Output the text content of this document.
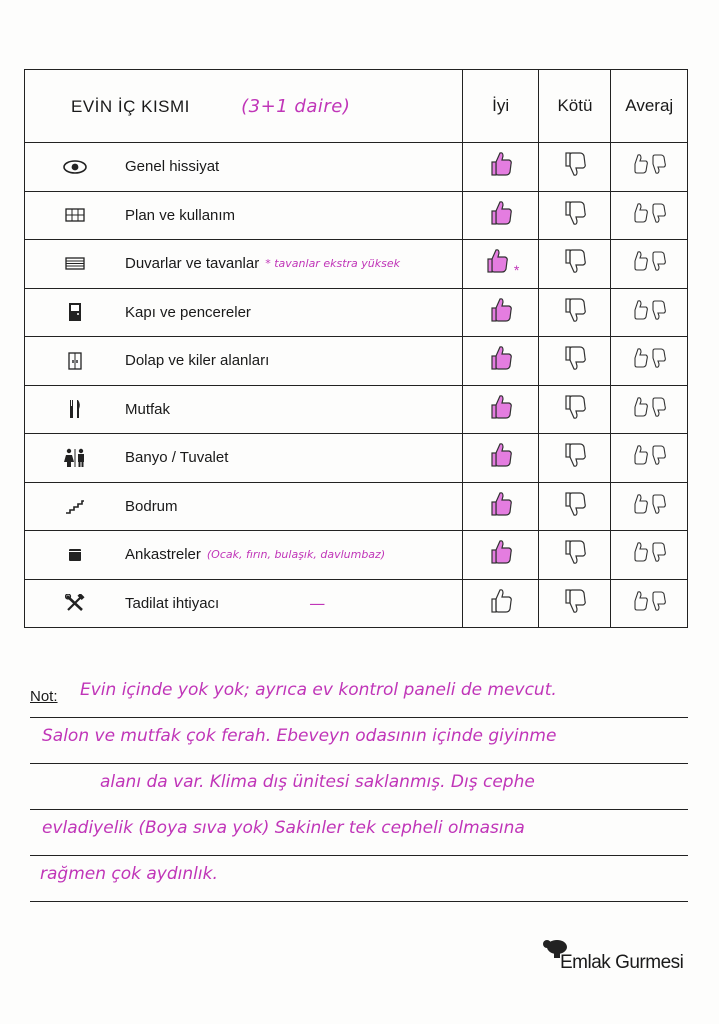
EVİN İÇ KISMI (3+1 daire)	İyi	Kötü	Averaj

Genel hissiyat

Plan ve kullanım

Duvarlar ve tavanlar * tavanlar ekstra yüksek	*		

Kapı ve pencereler

Dolap ve kiler alanları

Mutfak

Banyo / Tuvalet

Bodrum

Ankastreler (Ocak, fırın, bulaşık, davlumbaz)

Tadilat ihtiyacı —

Not: Evin içinde yok yok; ayrıca ev kontrol paneli de mevcut.
Salon ve mutfak çok ferah. Ebeveyn odasının içinde giyinme
alanı da var. Klima dış ünitesi saklanmış. Dış cephe
evladiyelik (Boya sıva yok) Sakinler tek cepheli olmasına
rağmen çok aydınlık.
Emlak Gurmesi
